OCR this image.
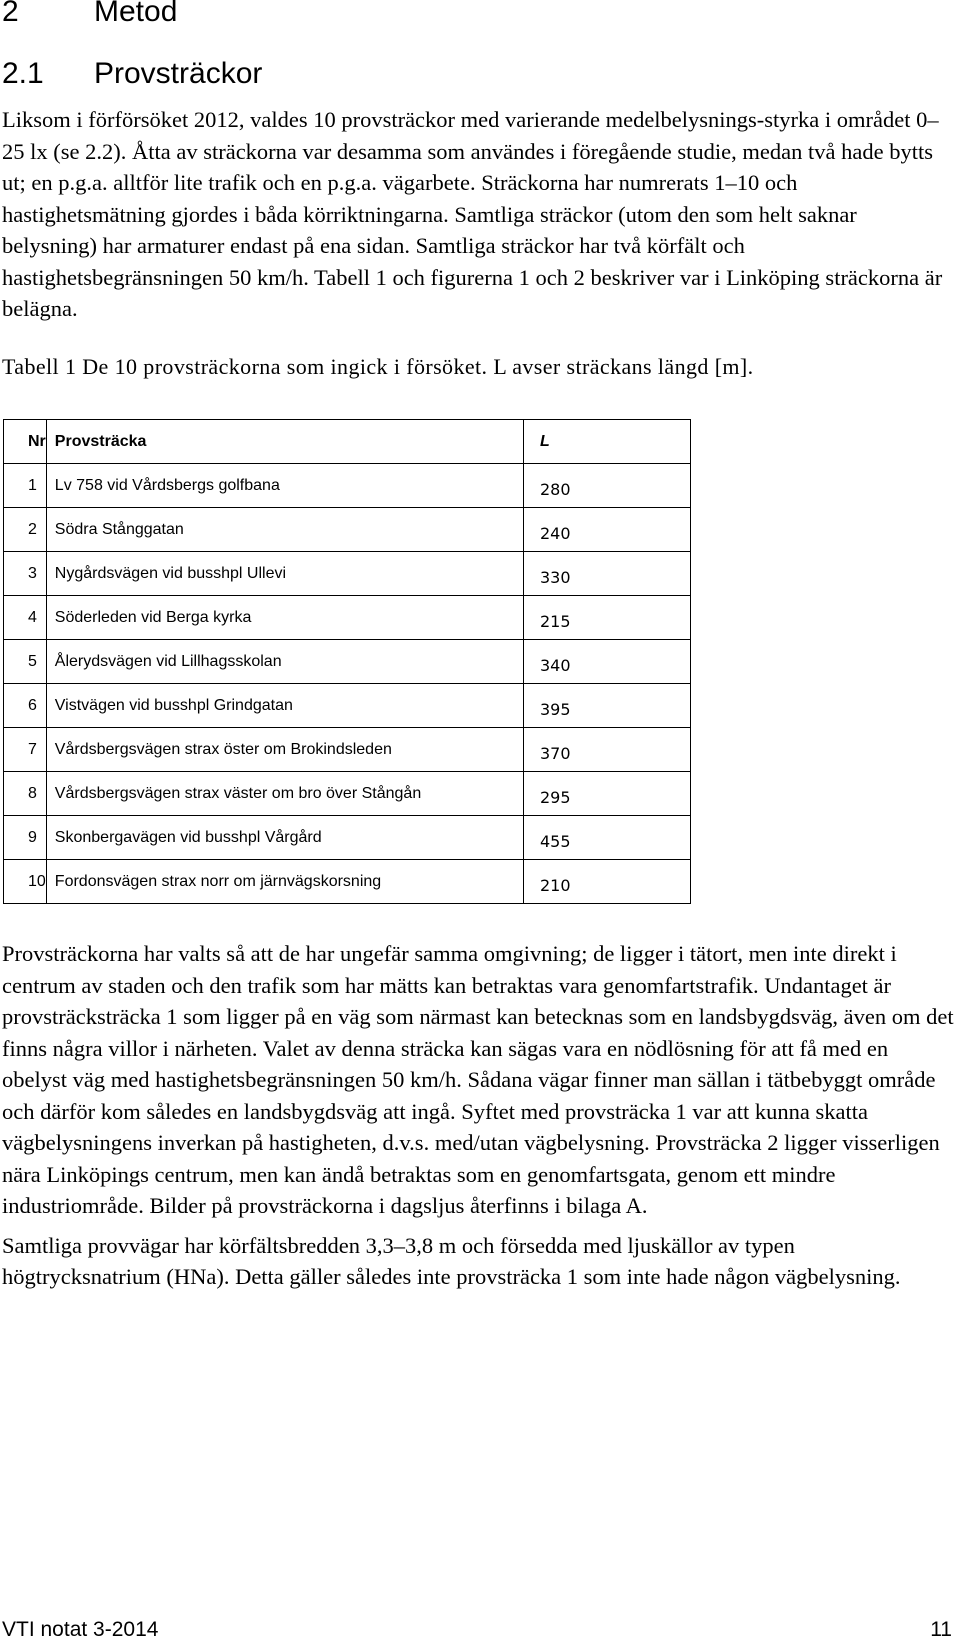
2	Metod
2.1 Provsträckor

Liksom i förförsöket 2012, valdes 10 provsträckor med varierande medelbelysnings-styrka i området 0–25 lx (se 2.2). Åtta av sträckorna var desamma som användes i föregående studie, medan två hade bytts ut; en p.g.a. alltför lite trafik och en p.g.a. vägarbete. Sträckorna har numrerats 1–10 och hastighetsmätning gjordes i båda körriktningarna. Samtliga sträckor (utom den som helt saknar belysning) har armaturer endast på ena sidan. Samtliga sträckor har två körfält och hastighetsbegränsningen 50 km/h. Tabell 1 och figurerna 1 och 2 beskriver var i Linköping sträckorna är belägna.

Tabell 1 De 10 provsträckorna som ingick i försöket. L avser sträckans längd [m].

Nr	Provsträcka	L
1	Lv 758 vid Vårdsbergs golfbana	280
2	Södra Stånggatan	240
3	Nygårdsvägen vid busshpl Ullevi	330
4	Söderleden vid Berga kyrka	215
5	Ålerydsvägen vid Lillhagsskolan	340
6	Vistvägen vid busshpl Grindgatan	395
7	Vårdsbergsvägen strax öster om Brokindsleden	370
8	Vårdsbergsvägen strax väster om bro över Stångån	295
9	Skonbergavägen vid busshpl Vårgård	455
10	Fordonsvägen strax norr om järnvägskorsning	210

Provsträckorna har valts så att de har ungefär samma omgivning; de ligger i tätort, men inte direkt i centrum av staden och den trafik som har mätts kan betraktas vara genomfartstrafik. Undantaget är provsträcksträcka 1 som ligger på en väg som närmast kan betecknas som en landsbygdsväg, även om det finns några villor i närheten. Valet av denna sträcka kan sägas vara en nödlösning för att få med en obelyst väg med hastighetsbegränsningen 50 km/h. Sådana vägar finner man sällan i tätbebyggt område och därför kom således en landsbygdsväg att ingå. Syftet med provsträcka 1 var att kunna skatta vägbelysningens inverkan på hastigheten, d.v.s. med/utan vägbelysning. Provsträcka 2 ligger visserligen nära Linköpings centrum, men kan ändå betraktas som en genomfartsgata, genom ett mindre industriområde. Bilder på provsträckorna i dagsljus återfinns i bilaga A.

Samtliga provvägar har körfältsbredden 3,3–3,8 m och försedda med ljuskällor av typen högtrycksnatrium (HNa). Detta gäller således inte provsträcka 1 som inte hade någon vägbelysning.

VTI notat 3-2014	11
